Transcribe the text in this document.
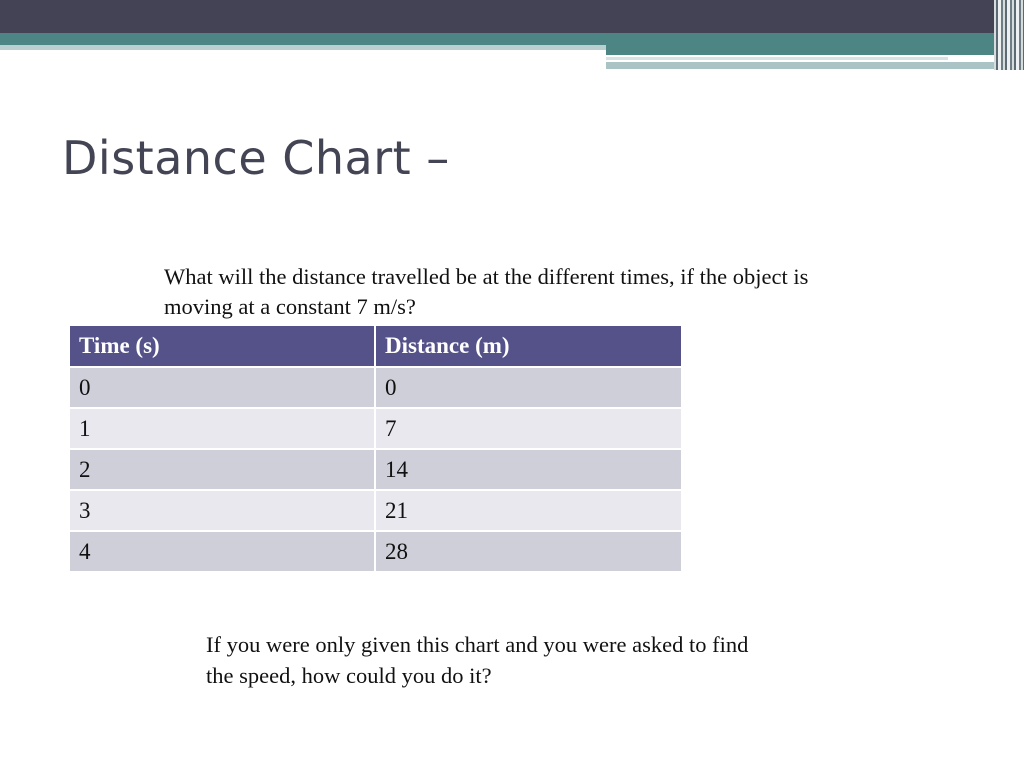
Distance Chart –

What will the distance travelled be at the different times, if the object is moving at a constant 7 m/s?

Time (s)	Distance (m)
0	0
1	7
2	14
3	21
4	28

If you were only given this chart and you were asked to find the speed, how could you do it?
